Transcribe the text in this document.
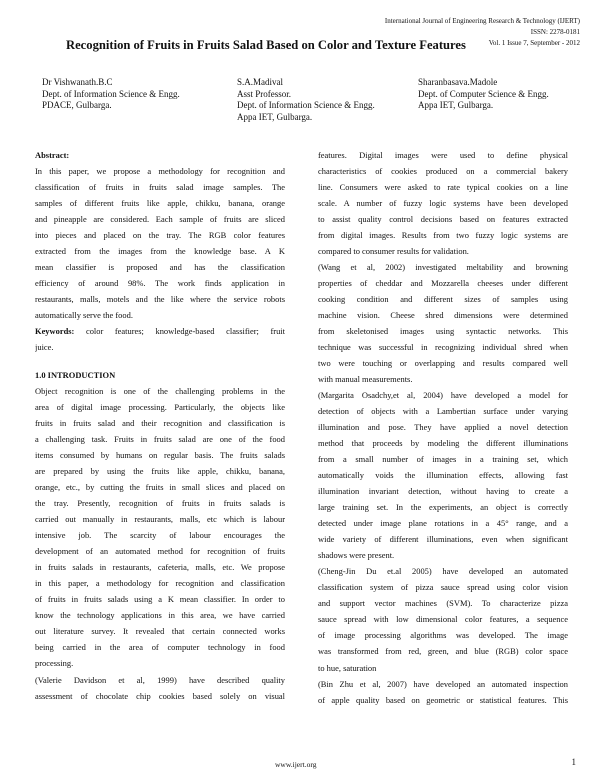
International Journal of Engineering Research & Technology (IJERT)
ISSN: 2278-0181
Vol. 1 Issue 7, September - 2012
Recognition of Fruits in Fruits Salad Based on Color and Texture Features
Dr Vishwanath.B.C
Dept. of Information Science & Engg.
PDACE, Gulbarga.
S.A.Madival
Asst Professor.
Dept. of Information Science & Engg.
Appa IET, Gulbarga.
Sharanbasava.Madole
Dept. of Computer Science & Engg.
Appa IET, Gulbarga.
Abstract:
In this paper, we propose a methodology for recognition and
classification of fruits in fruits salad image samples. The
samples of different fruits like apple, chikku, banana, orange
and pineapple are considered. Each sample of fruits are sliced
into pieces and placed on the tray. The RGB color features
extracted from the images from the knowledge base. A K
mean classifier is proposed and has the classification
efficiency of around 98%. The work finds application in
restaurants, malls, motels and the like where the service robots
automatically serve the food.
Keywords: color features; knowledge-based classifier; fruit
juice.
1.0 INTRODUCTION
Object recognition is one of the challenging problems in the
area of digital image processing. Particularly, the objects like
fruits in fruits salad and their recognition and classification is
a challenging task. Fruits in fruits salad are one of the food
items consumed by humans on regular basis. The fruits salads
are prepared by using the fruits like apple, chikku, banana,
orange, etc., by cutting the fruits in small slices and placed on
the tray. Presently, recognition of fruits in fruits salads is
carried out manually in restaurants, malls, etc which is labour
intensive job. The scarcity of labour encourages the
development of an automated method for recognition of fruits
in fruits salads in restaurants, cafeteria, malls, etc. We propose
in this paper, a methodology for recognition and classification
of fruits in fruits salads using a K mean classifier. In order to
know the technology applications in this area, we have carried
out literature survey. It revealed that certain connected works
being carried in the area of computer technology in food
processing.
(Valerie Davidson et al, 1999) have described quality
assessment of chocolate chip cookies based solely on visual
features. Digital images were used to define physical
characteristics of cookies produced on a commercial bakery
line. Consumers were asked to rate typical cookies on a line
scale. A number of fuzzy logic systems have been developed
to assist quality control decisions based on features extracted
from digital images. Results from two fuzzy logic systems are
compared to consumer results for validation.
(Wang et al, 2002) investigated meltability and browning
properties of cheddar and Mozzarella cheeses under different
cooking condition and different sizes of samples using
machine vision. Cheese shred dimensions were determined
from skeletonised images using syntactic networks. This
technique was successful in recognizing individual shred when
two were touching or overlapping and results compared well
with manual measurements.
(Margarita Osadchy,et al, 2004) have developed a model for
detection of objects with a Lambertian surface under varying
illumination and pose. They have applied a novel detection
method that proceeds by modeling the different illuminations
from a small number of images in a training set, which
automatically voids the illumination effects, allowing fast
illumination invariant detection, without having to create a
large training set. In the experiments, an object is correctly
detected under image plane rotations in a 45° range, and a
wide variety of different illuminations, even when significant
shadows were present.
(Cheng-Jin Du et.al 2005) have developed an automated
classification system of pizza sauce spread using color vision
and support vector machines (SVM). To characterize pizza
sauce spread with low dimensional color features, a sequence
of image processing algorithms was developed. The image
was transformed from red, green, and blue (RGB) color space
to hue, saturation
(Bin Zhu et al, 2007) have developed an automated inspection
of apple quality based on geometric or statistical features. This
www.ijert.org	1
